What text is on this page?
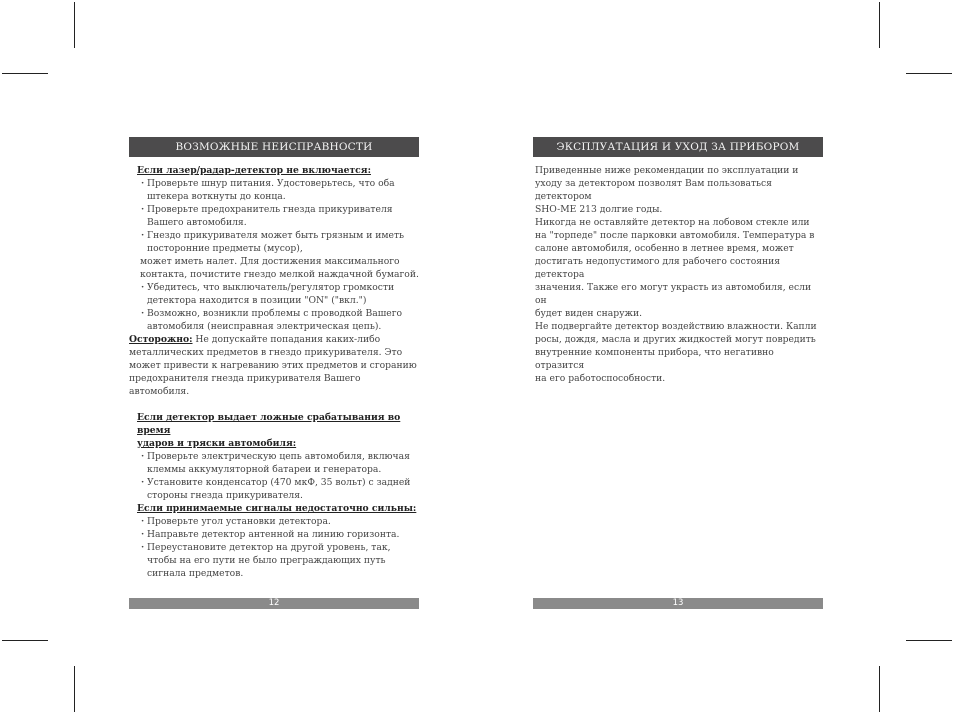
ВОЗМОЖНЫЕ НЕИСПРАВНОСТИ
Если лазер/радар-детектор не включается:
・ Проверьте шнур питания. Удостоверьтесь, что оба
штекера воткнуты до конца.
・ Проверьте предохранитель гнезда прикуривателя
Вашего автомобиля.
・ Гнездо прикуривателя может быть грязным и иметь
посторонние предметы (мусор),
может иметь налет. Для достижения максимального
контакта, почистите гнездо мелкой наждачной бумагой.
・ Убедитесь, что выключатель/регулятор громкости
детектора находится в позиции "ON" ("вкл.")
・ Возможно, возникли проблемы с проводкой Вашего
автомобиля (неисправная электрическая цепь).
Осторожно: Не допускайте попадания каких-либо
металлических предметов в гнездо прикуривателя. Это
может привести к нагреванию этих предметов и сгоранию
предохранителя гнезда прикуривателя Вашего автомобиля.
Если детектор выдает ложные срабатывания во время
ударов и тряски автомобиля:
・ Проверьте электрическую цепь автомобиля, включая
клеммы аккумуляторной батареи и генератора.
・ Установите конденсатор (470 мкФ, 35 вольт) с задней
стороны гнезда прикуривателя.
Если принимаемые сигналы недостаточно сильны:
・ Проверьте угол установки детектора.
・ Направьте детектор антенной на линию горизонта.
・ Переустановите детектор на другой уровень, так,
чтобы на его пути не было преграждающих путь
сигнала предметов.
12
ЭКСПЛУАТАЦИЯ И УХОД ЗА ПРИБОРОМ
Приведенные ниже рекомендации по эксплуатации и
уходу за детектором позволят Вам пользоваться детектором
SHO-ME 213 долгие годы.
Никогда не оставляйте детектор на лобовом стекле или
на "торпеде" после парковки автомобиля. Температура в
салоне автомобиля, особенно в летнее время, может
достигать недопустимого для рабочего состояния детектора
значения. Также его могут украсть из автомобиля, если он
будет виден снаружи.
Не подвергайте детектор воздействию влажности. Капли
росы, дождя, масла и других жидкостей могут повредить
внутренние компоненты прибора, что негативно отразится
на его работоспособности.
13
